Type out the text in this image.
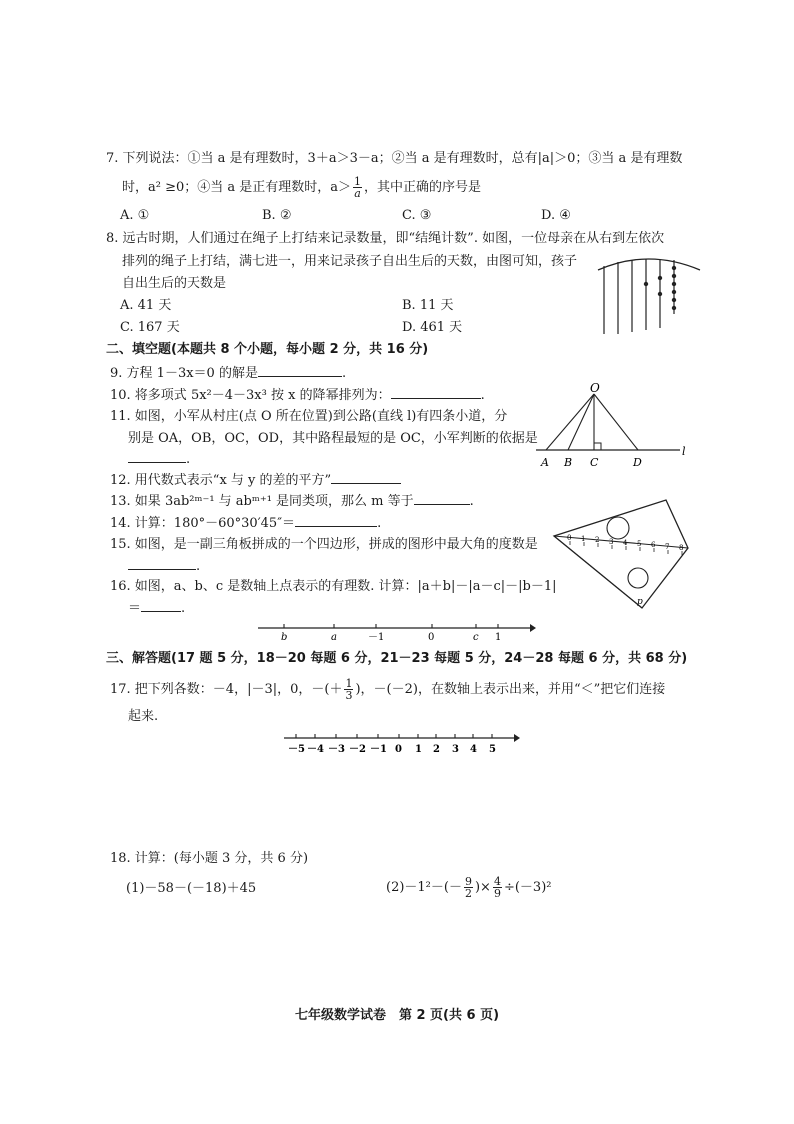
7. 下列说法：①当 a 是有理数时，3＋a＞3－a；②当 a 是有理数时，总有|a|＞0；③当 a 是有理数
时，a² ≥0；④当 a 是正有理数时，$a> \frac{1}{a}$ ，其中正确的序号是
A. ①	B. ②	C. ③	D. ④
8. 远古时期，人们通过在绳子上打结来记录数量，即“结绳计数”. 如图，一位母亲在从右到左依次
排列的绳子上打结，满七进一，用来记录孩子自出生后的天数，由图可知，孩子
自出生后的天数是
A. 41 天	B. 11 天
C. 167 天	D. 461 天
二、填空题(本题共 8 个小题，每小题 2 分，共 16 分)
9. 方程 1－3x＝0 的解是	.
10. 将多项式 5x²－4－3x³ 按 x 的降幂排列为：	.
11. 如图，小军从村庄(点 O 所在位置)到公路(直线 l)有四条小道，分
别是 OA，OB，OC，OD，其中路程最短的是 OC，小军判断的依据是
.
O
A B C	D
l
12. 用代数式表示“x 与 y 的差的平方”
13. 如果 3ab²ᵐ⁻¹ 与 abᵐ⁺¹ 是同类项，那么 m 等于	.
14. 计算：180°－60°30′45″＝	.
15. 如图，是一副三角板拼成的一个四边形，拼成的图形中最大角的度数是
.
0 1 2 3 4 5 6 7 8
p
16. 如图，a、b、c 是数轴上点表示的有理数. 计算：|a＋b|－|a－c|－|b－1|
＝	.
b	a	－1	0	c 1
三、解答题(17 题 5 分，18－20 每题 6 分，21－23 每题 5 分，24－28 每题 6 分，共 68 分)
17. 把下列各数：－4，|－3|，0，－(＋ $\frac{1}{3}$ )，－(－2)，在数轴上表示出来，并用“＜”把它们连接
起来.
－5 －4 －3 －2 －1 0 1 2 3 4 5
18. 计算：(每小题 3 分，共 6 分)
(1)－58－(－18)＋45	$(2)-1^2-(- \frac{9}{2}$ )× $\frac{4}{9} \div(-3)^2$
七年级数学试卷　第 2 页(共 6 页)
